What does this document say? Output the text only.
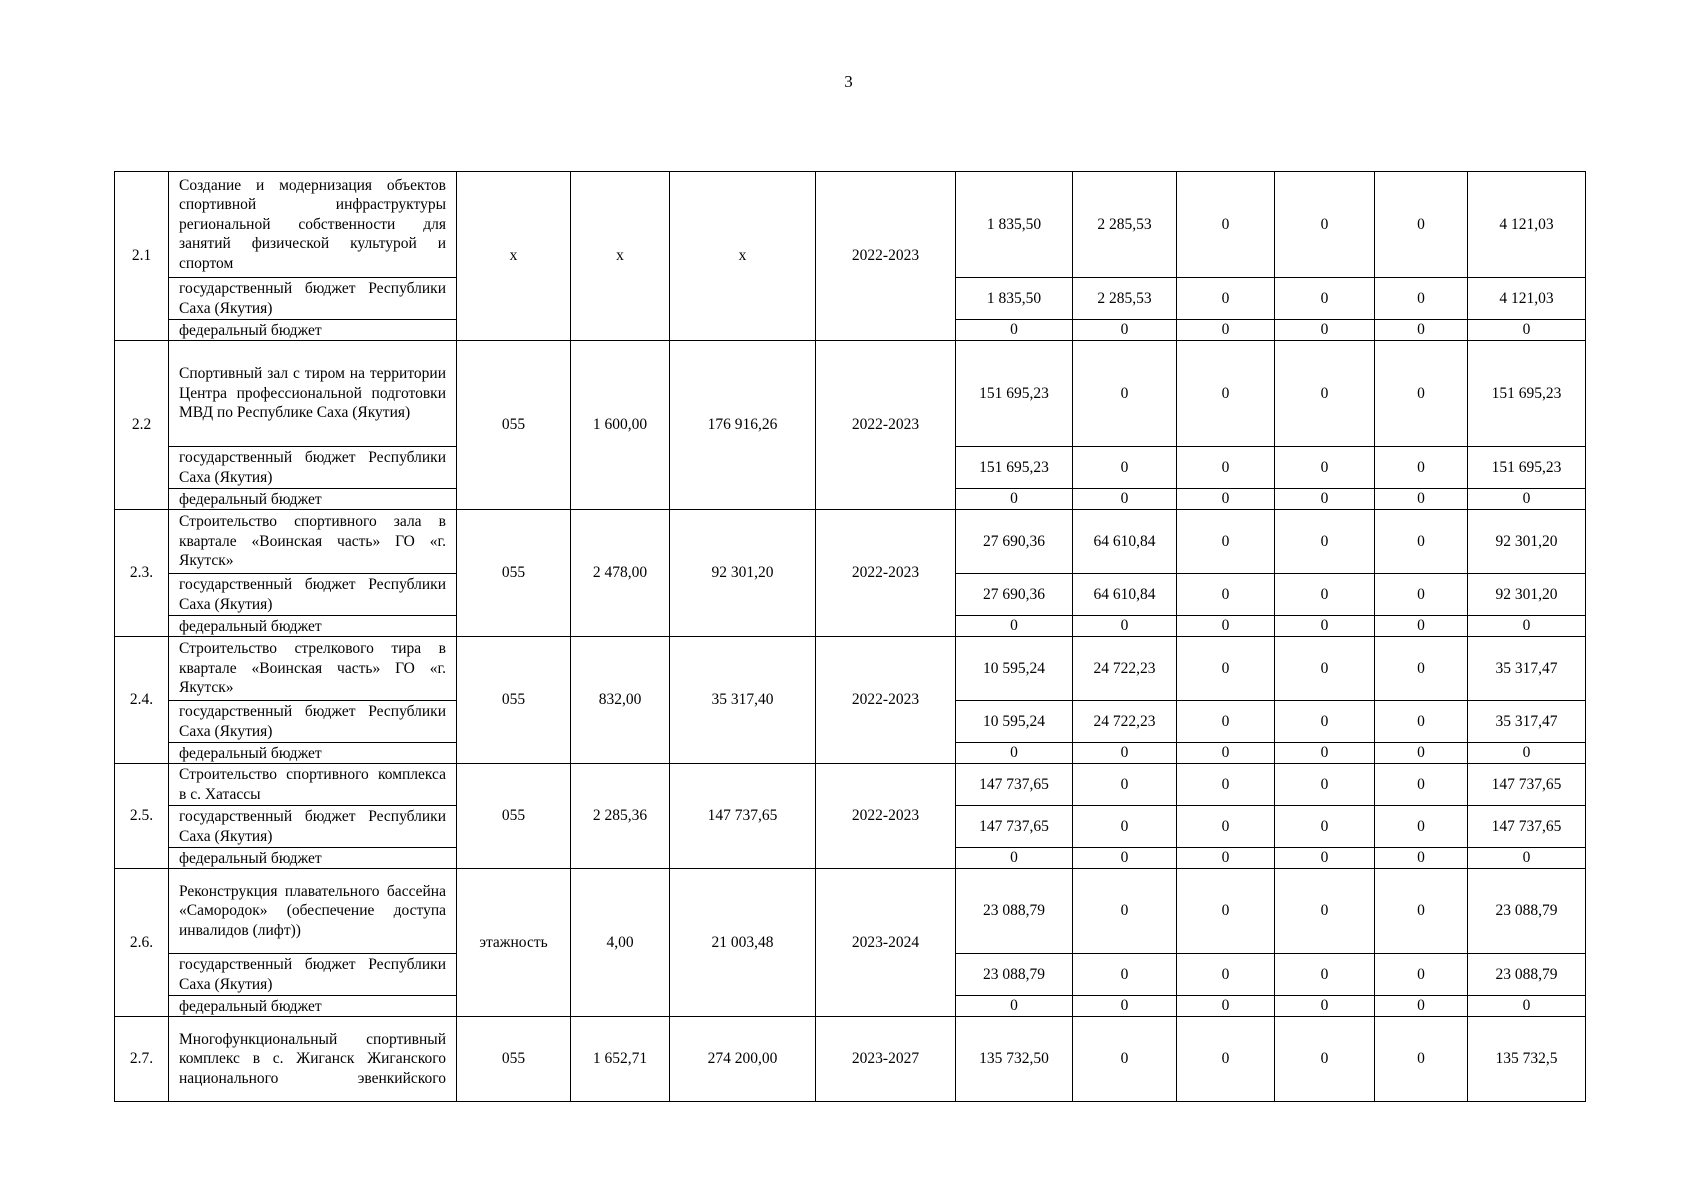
3
2.1	Создание и модернизация объектов спортивной инфраструктуры региональной собственности для занятий физической культурой и спортом	х	х	х	2022-2023	1 835,50	2 285,53	0	0	0	4 121,03
	государственный бюджет Республики Саха (Якутия)					1 835,50	2 285,53	0	0	0	4 121,03
	федеральный бюджет					0	0	0	0	0	0
2.2	Спортивный зал с тиром на территории Центра профессиональной подготовки МВД по Республике Саха (Якутия)	055	1 600,00	176 916,26	2022-2023	151 695,23	0	0	0	0	151 695,23
	государственный бюджет Республики Саха (Якутия)					151 695,23	0	0	0	0	151 695,23
	федеральный бюджет					0	0	0	0	0	0
2.3.	Строительство спортивного зала в квартале «Воинская часть» ГО «г. Якутск»	055	2 478,00	92 301,20	2022-2023	27 690,36	64 610,84	0	0	0	92 301,20
	государственный бюджет Республики Саха (Якутия)					27 690,36	64 610,84	0	0	0	92 301,20
	федеральный бюджет					0	0	0	0	0	0
2.4.	Строительство стрелкового тира в квартале «Воинская часть» ГО «г. Якутск»	055	832,00	35 317,40	2022-2023	10 595,24	24 722,23	0	0	0	35 317,47
	государственный бюджет Республики Саха (Якутия)					10 595,24	24 722,23	0	0	0	35 317,47
	федеральный бюджет					0	0	0	0	0	0
2.5.	Строительство спортивного комплекса в с. Хатассы	055	2 285,36	147 737,65	2022-2023	147 737,65	0	0	0	0	147 737,65
	государственный бюджет Республики Саха (Якутия)					147 737,65	0	0	0	0	147 737,65
	федеральный бюджет					0	0	0	0	0	0
2.6.	Реконструкция плавательного бассейна «Самородок» (обеспечение доступа инвалидов (лифт))	этажность	4,00	21 003,48	2023-2024	23 088,79	0	0	0	0	23 088,79
	государственный бюджет Республики Саха (Якутия)					23 088,79	0	0	0	0	23 088,79
	федеральный бюджет					0	0	0	0	0	0
2.7.	Многофункциональный спортивный комплекс в с. Жиганск Жиганского национального эвенкийского	055	1 652,71	274 200,00	2023-2027	135 732,50	0	0	0	0	135 732,5
